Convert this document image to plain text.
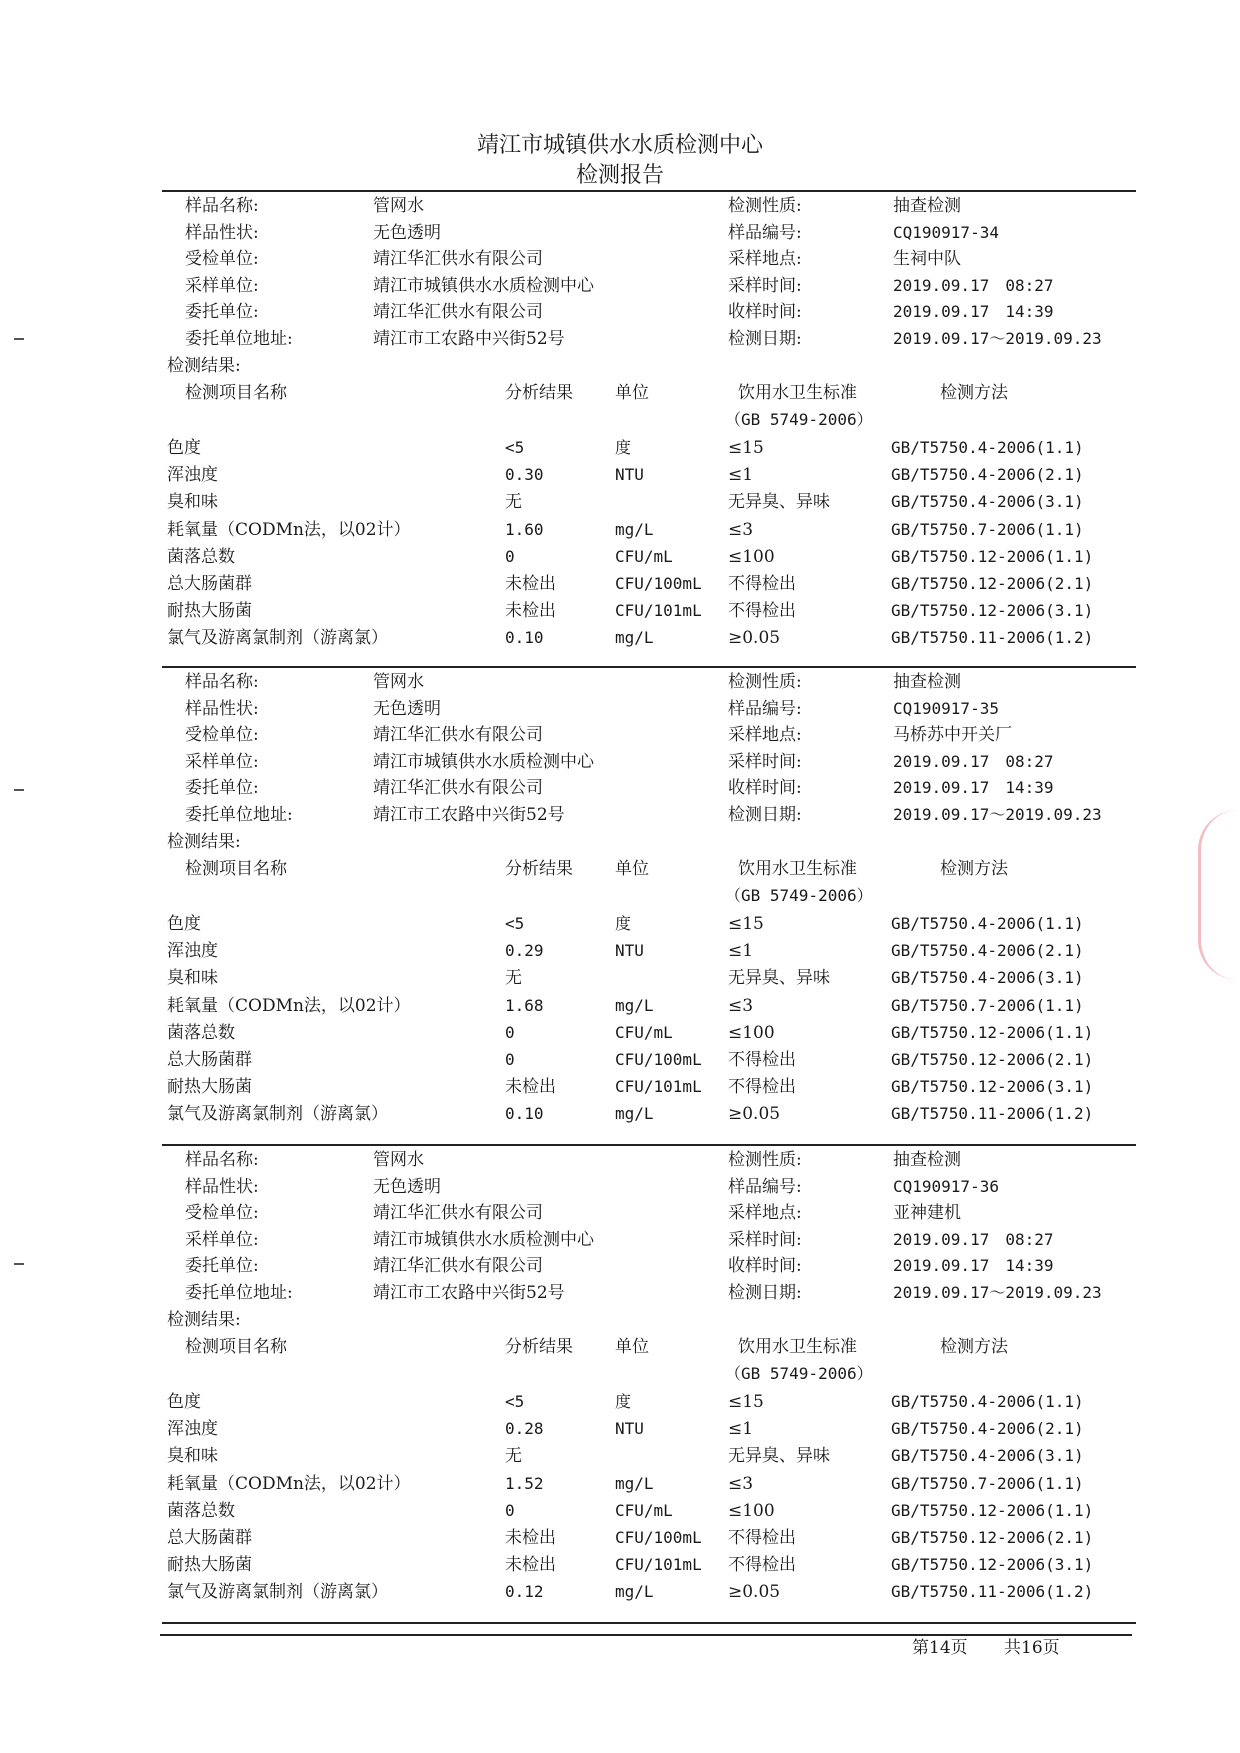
靖江市城镇供水水质检测中心
检测报告
样品名称:	管网水	检测性质:	抽查检测
样品性状:	无色透明	样品编号:	CQ190917-34
受检单位:	靖江华汇供水有限公司	采样地点:	生祠中队
采样单位:	靖江市城镇供水水质检测中心	采样时间:	2019.09.17　08:27
委托单位:	靖江华汇供水有限公司	收样时间:	2019.09.17　14:39
委托单位地址:	靖江市工农路中兴街52号	检测日期:	2019.09.17～2019.09.23
检测结果:
检测项目名称	分析结果 单位	饮用水卫生标准
（GB 5749-2006）
检测方法
色度	<5	度	≤15	GB/T5750.4-2006(1.1)
浑浊度	0.30	NTU	≤1	GB/T5750.4-2006(2.1)
臭和味	无	无异臭、异味	GB/T5750.4-2006(3.1)
耗氧量（CODMn法，以02计）	1.60	mg/L	≤3	GB/T5750.7-2006(1.1)
菌落总数	0	CFU/mL	≤100	GB/T5750.12-2006(1.1)
总大肠菌群	未检出	CFU/100mL 不得检出	GB/T5750.12-2006(2.1)
耐热大肠菌	未检出	CFU/101mL 不得检出	GB/T5750.12-2006(3.1)
氯气及游离氯制剂（游离氯）	0.10	mg/L	≥0.05	GB/T5750.11-2006(1.2)
样品名称:	管网水	检测性质:	抽查检测
样品性状:	无色透明	样品编号:	CQ190917-35
受检单位:	靖江华汇供水有限公司	采样地点:	马桥苏中开关厂
采样单位:	靖江市城镇供水水质检测中心	采样时间:	2019.09.17　08:27
委托单位:	靖江华汇供水有限公司	收样时间:	2019.09.17　14:39
委托单位地址:	靖江市工农路中兴街52号	检测日期:	2019.09.17～2019.09.23
检测结果:
检测项目名称	分析结果 单位	饮用水卫生标准
（GB 5749-2006）
检测方法
色度	<5	度	≤15	GB/T5750.4-2006(1.1)
浑浊度	0.29	NTU	≤1	GB/T5750.4-2006(2.1)
臭和味	无	无异臭、异味	GB/T5750.4-2006(3.1)
耗氧量（CODMn法，以02计）	1.68	mg/L	≤3	GB/T5750.7-2006(1.1)
菌落总数	0	CFU/mL	≤100	GB/T5750.12-2006(1.1)
总大肠菌群	0	CFU/100mL 不得检出	GB/T5750.12-2006(2.1)
耐热大肠菌	未检出	CFU/101mL 不得检出	GB/T5750.12-2006(3.1)
氯气及游离氯制剂（游离氯）	0.10	mg/L	≥0.05	GB/T5750.11-2006(1.2)
样品名称:	管网水	检测性质:	抽查检测
样品性状:	无色透明	样品编号:	CQ190917-36
受检单位:	靖江华汇供水有限公司	采样地点:	亚神建机
采样单位:	靖江市城镇供水水质检测中心	采样时间:	2019.09.17　08:27
委托单位:	靖江华汇供水有限公司	收样时间:	2019.09.17　14:39
委托单位地址:	靖江市工农路中兴街52号	检测日期:	2019.09.17～2019.09.23
检测结果:
检测项目名称	分析结果 单位	饮用水卫生标准
（GB 5749-2006）
检测方法
色度	<5	度	≤15	GB/T5750.4-2006(1.1)
浑浊度	0.28	NTU	≤1	GB/T5750.4-2006(2.1)
臭和味	无	无异臭、异味	GB/T5750.4-2006(3.1)
耗氧量（CODMn法，以02计）	1.52	mg/L	≤3	GB/T5750.7-2006(1.1)
菌落总数	0	CFU/mL	≤100	GB/T5750.12-2006(1.1)
总大肠菌群	未检出	CFU/100mL 不得检出	GB/T5750.12-2006(2.1)
耐热大肠菌	未检出	CFU/101mL 不得检出	GB/T5750.12-2006(3.1)
氯气及游离氯制剂（游离氯）	0.12	mg/L	≥0.05	GB/T5750.11-2006(1.2)
第14页 共16页
